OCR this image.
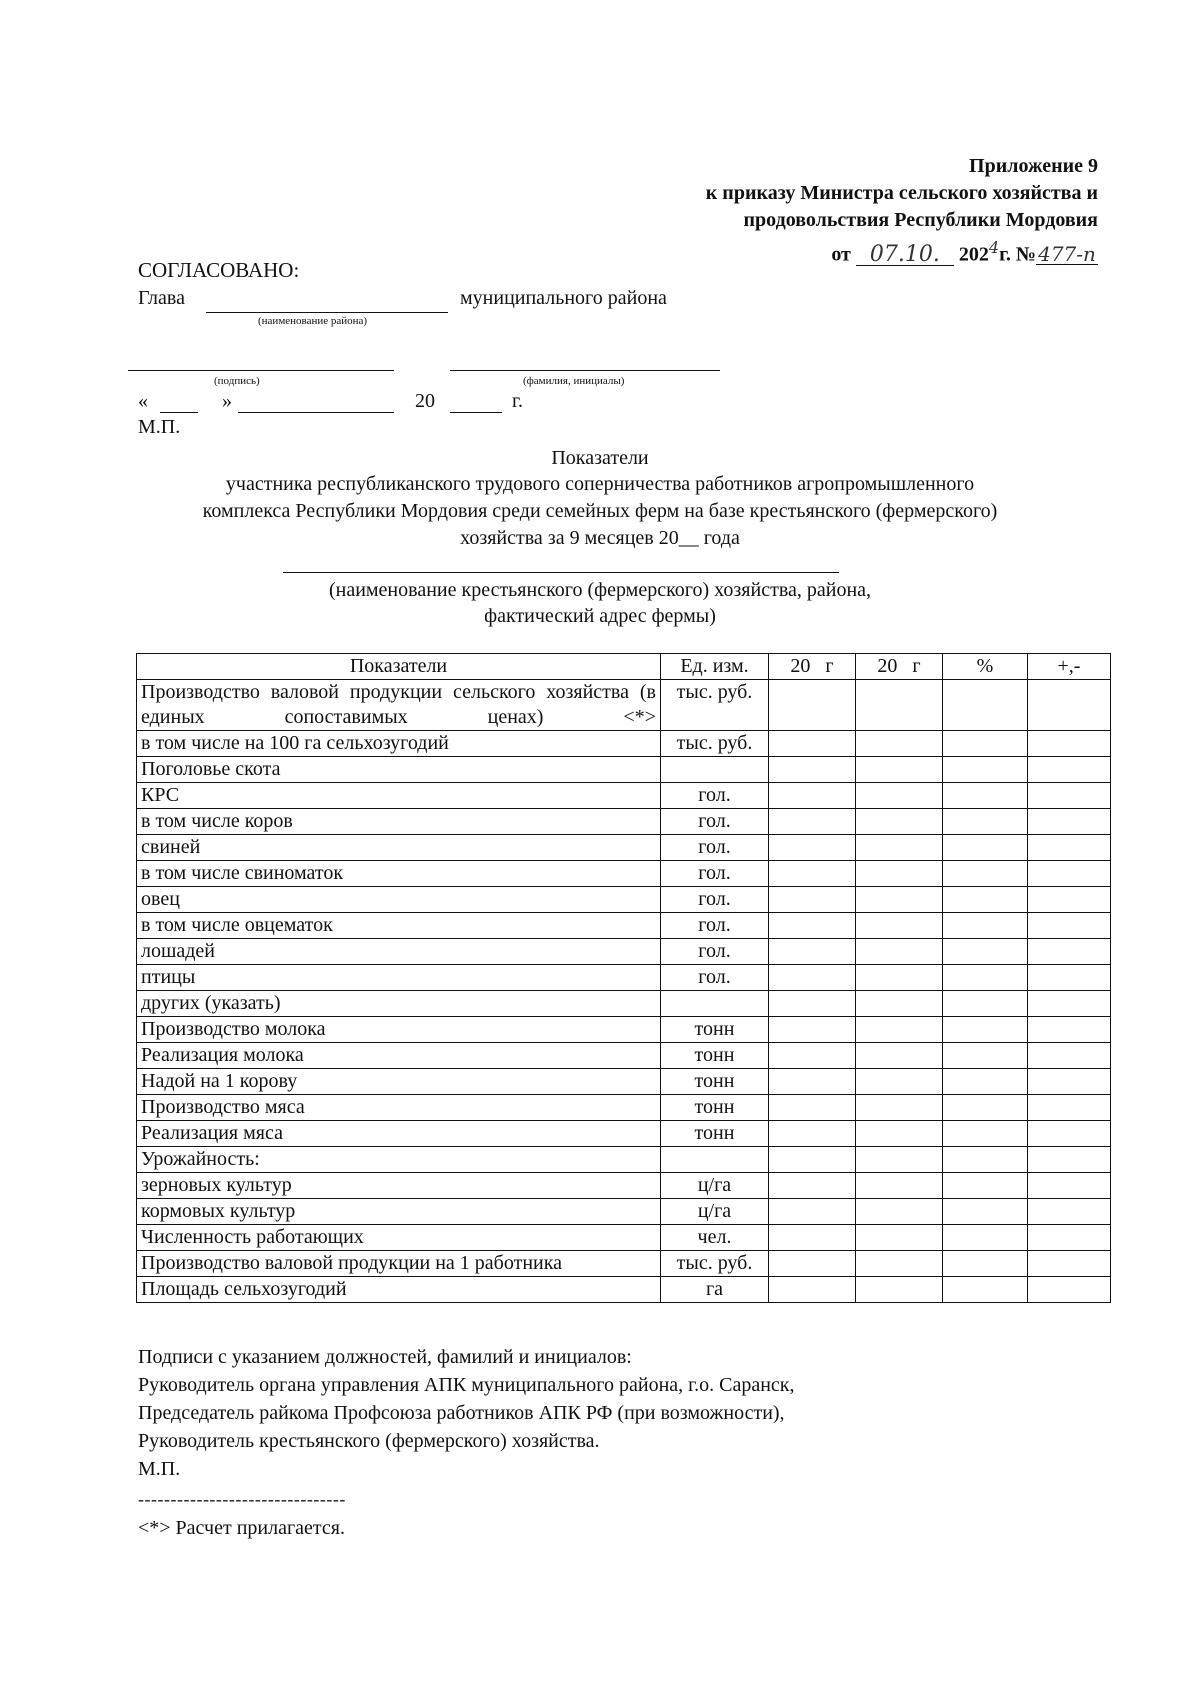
Приложение 9
к приказу Министра сельского хозяйства и
продовольствия Республики Мордовия
от 07.10. $202^4г$. № 477-п
СОГЛАСОВАНО:
Глава	муниципального района
(наименование района)
(подпись)	(фамилия, инициалы)
«	»	20	г.
М.П.
Показатели
участника республиканского трудового соперничества работников агропромышленного
комплекса Республики Мордовия среди семейных ферм на базе крестьянского (фермерского)
хозяйства за 9 месяцев 20__ года
(наименование крестьянского (фермерского) хозяйства, района,
фактический адрес фермы)
Показатели	Ед. изм.	20   г	20   г	%	+,-
Производство валовой продукции сельского хозяйства (в единых сопоставимых ценах) <*>	тыс. руб.				
в том числе на 100 га сельхозугодий	тыс. руб.				
Поголовье скота					
КРС	гол.				
в том числе коров	гол.				
свиней	гол.				
в том числе свиноматок	гол.				
овец	гол.				
в том числе овцематок	гол.				
лошадей	гол.				
птицы	гол.				
других (указать)					
Производство молока	тонн				
Реализация молока	тонн				
Надой на 1 корову	тонн				
Производство мяса	тонн				
Реализация мяса	тонн				
Урожайность:					
зерновых культур	ц/га				
кормовых культур	ц/га				
Численность работающих	чел.				
Производство валовой продукции на 1 работника	тыс. руб.				
Площадь сельхозугодий	га				
Подписи с указанием должностей, фамилий и инициалов:
Руководитель органа управления АПК муниципального района, г.о. Саранск,
Председатель райкома Профсоюза работников АПК РФ (при возможности),
Руководитель крестьянского (фермерского) хозяйства.
М.П.
--------------------------------
<*> Расчет прилагается.
